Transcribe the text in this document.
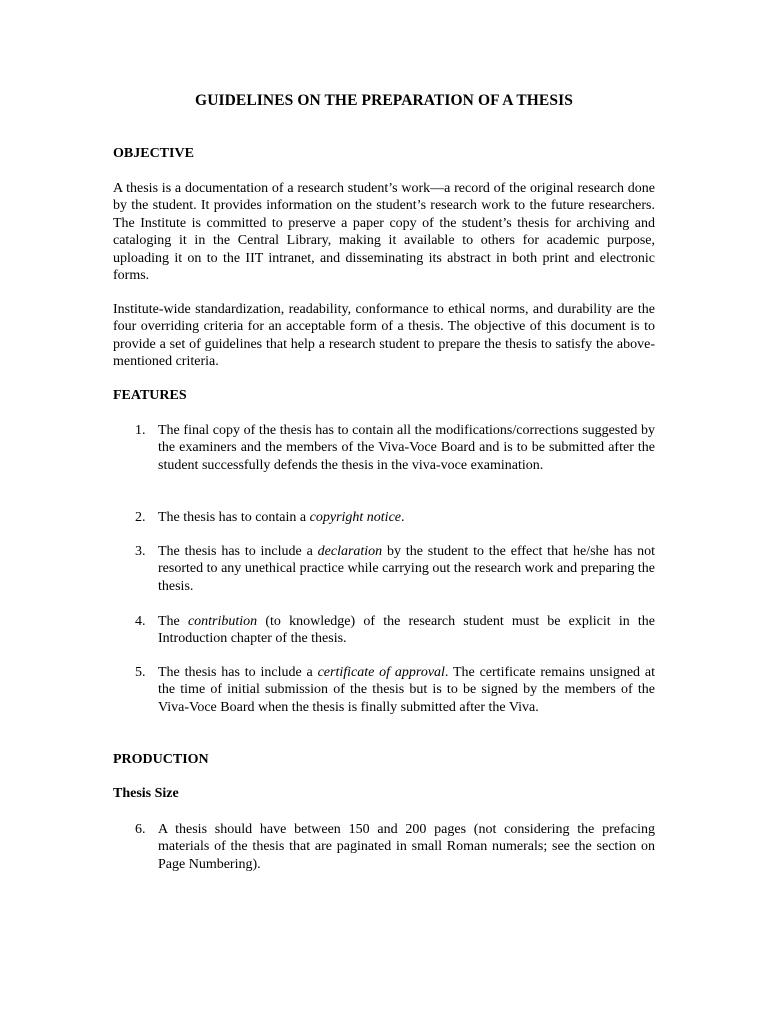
GUIDELINES ON THE PREPARATION OF A THESIS
OBJECTIVE

A thesis is a documentation of a research student’s work—a record of the original research done by the student. It provides information on the student’s research work to the future researchers. The Institute is committed to preserve a paper copy of the student’s thesis for archiving and cataloging it in the Central Library, making it available to others for academic purpose, uploading it on to the IIT intranet, and disseminating its abstract in both print and electronic forms.

Institute-wide standardization, readability, conformance to ethical norms, and durability are the four overriding criteria for an acceptable form of a thesis. The objective of this document is to provide a set of guidelines that help a research student to prepare the thesis to satisfy the above-mentioned criteria.

FEATURES
1. The final copy of the thesis has to contain all the modifications/corrections suggested by the examiners and the members of the Viva-Voce Board and is to be submitted after the student successfully defends the thesis in the viva-voce examination.
2. The thesis has to contain a copyright notice.
3. The thesis has to include a declaration by the student to the effect that he/she has not resorted to any unethical practice while carrying out the research work and preparing the thesis.
4. The contribution (to knowledge) of the research student must be explicit in the Introduction chapter of the thesis.
5. The thesis has to include a certificate of approval. The certificate remains unsigned at the time of initial submission of the thesis but is to be signed by the members of the Viva-Voce Board when the thesis is finally submitted after the Viva.
PRODUCTION
Thesis Size
6. A thesis should have between 150 and 200 pages (not considering the prefacing materials of the thesis that are paginated in small Roman numerals; see the section on Page Numbering).
